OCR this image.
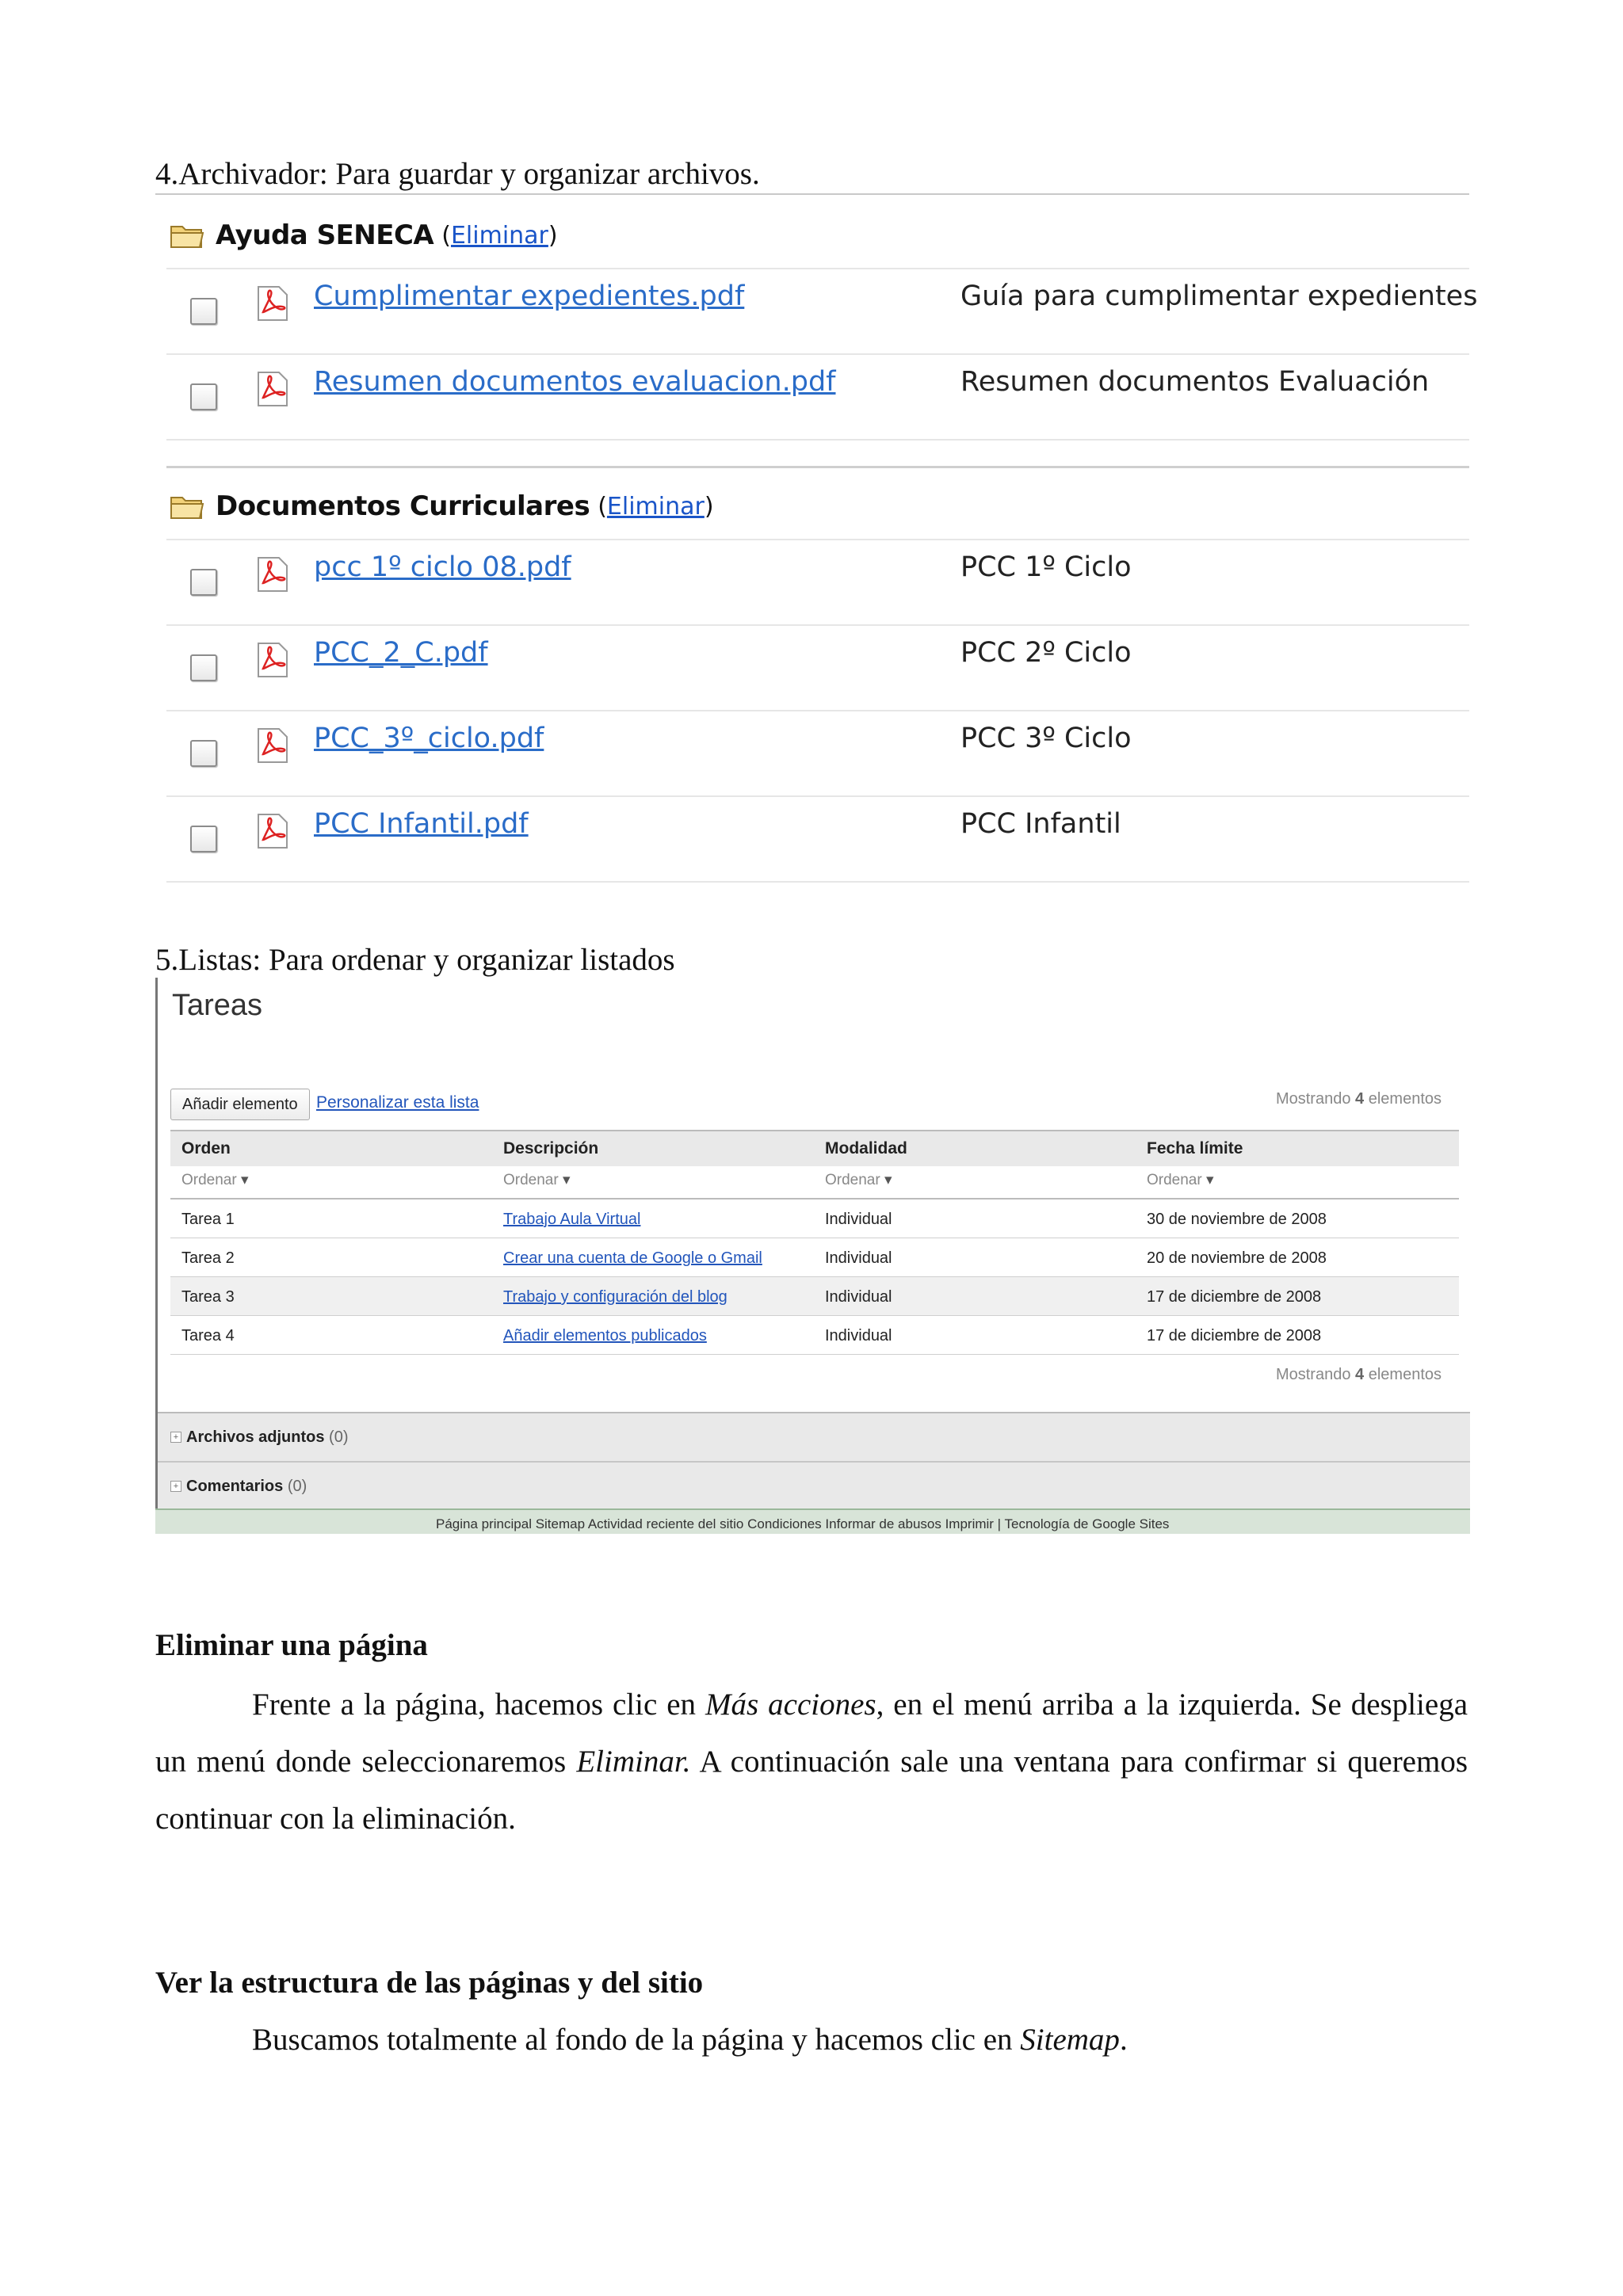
4.Archivador: Para guardar y organizar archivos.
Ayuda SENECA (Eliminar)
Cumplimentar expedientes.pdf	Guía para cumplimentar expedientes
Resumen documentos evaluacion.pdf	Resumen documentos Evaluación
Documentos Curriculares (Eliminar)
pcc 1º ciclo 08.pdf	PCC 1º Ciclo
PCC_2_C.pdf	PCC 2º Ciclo
PCC_3º_ciclo.pdf	PCC 3º Ciclo
PCC Infantil.pdf	PCC Infantil
5.Listas: Para ordenar y organizar listados
Tareas
Añadir elemento	Personalizar esta lista	Mostrando 4 elementos
Orden	Descripción	Modalidad	Fecha límite
Ordenar ▾	Ordenar ▾	Ordenar ▾	Ordenar ▾
Tarea 1	Trabajo Aula Virtual	Individual	30 de noviembre de 2008
Tarea 2	Crear una cuenta de Google o Gmail	Individual	20 de noviembre de 2008
Tarea 3	Trabajo y configuración del blog	Individual	17 de diciembre de 2008
Tarea 4	Añadir elementos publicados	Individual	17 de diciembre de 2008
Mostrando 4 elementos
+ Archivos adjuntos
(0)
+ Comentarios
(0)
Página principal Sitemap Actividad reciente del sitio Condiciones Informar de abusos Imprimir | Tecnología de Google Sites
Eliminar una página
Frente a la página, hacemos clic en Más acciones, en el menú arriba a la izquierda. Se despliega un menú donde seleccionaremos Eliminar. A continuación sale una ventana para confirmar si queremos continuar con la eliminación.
Ver la estructura de las páginas y del sitio
Buscamos totalmente al fondo de la página y hacemos clic en Sitemap.
